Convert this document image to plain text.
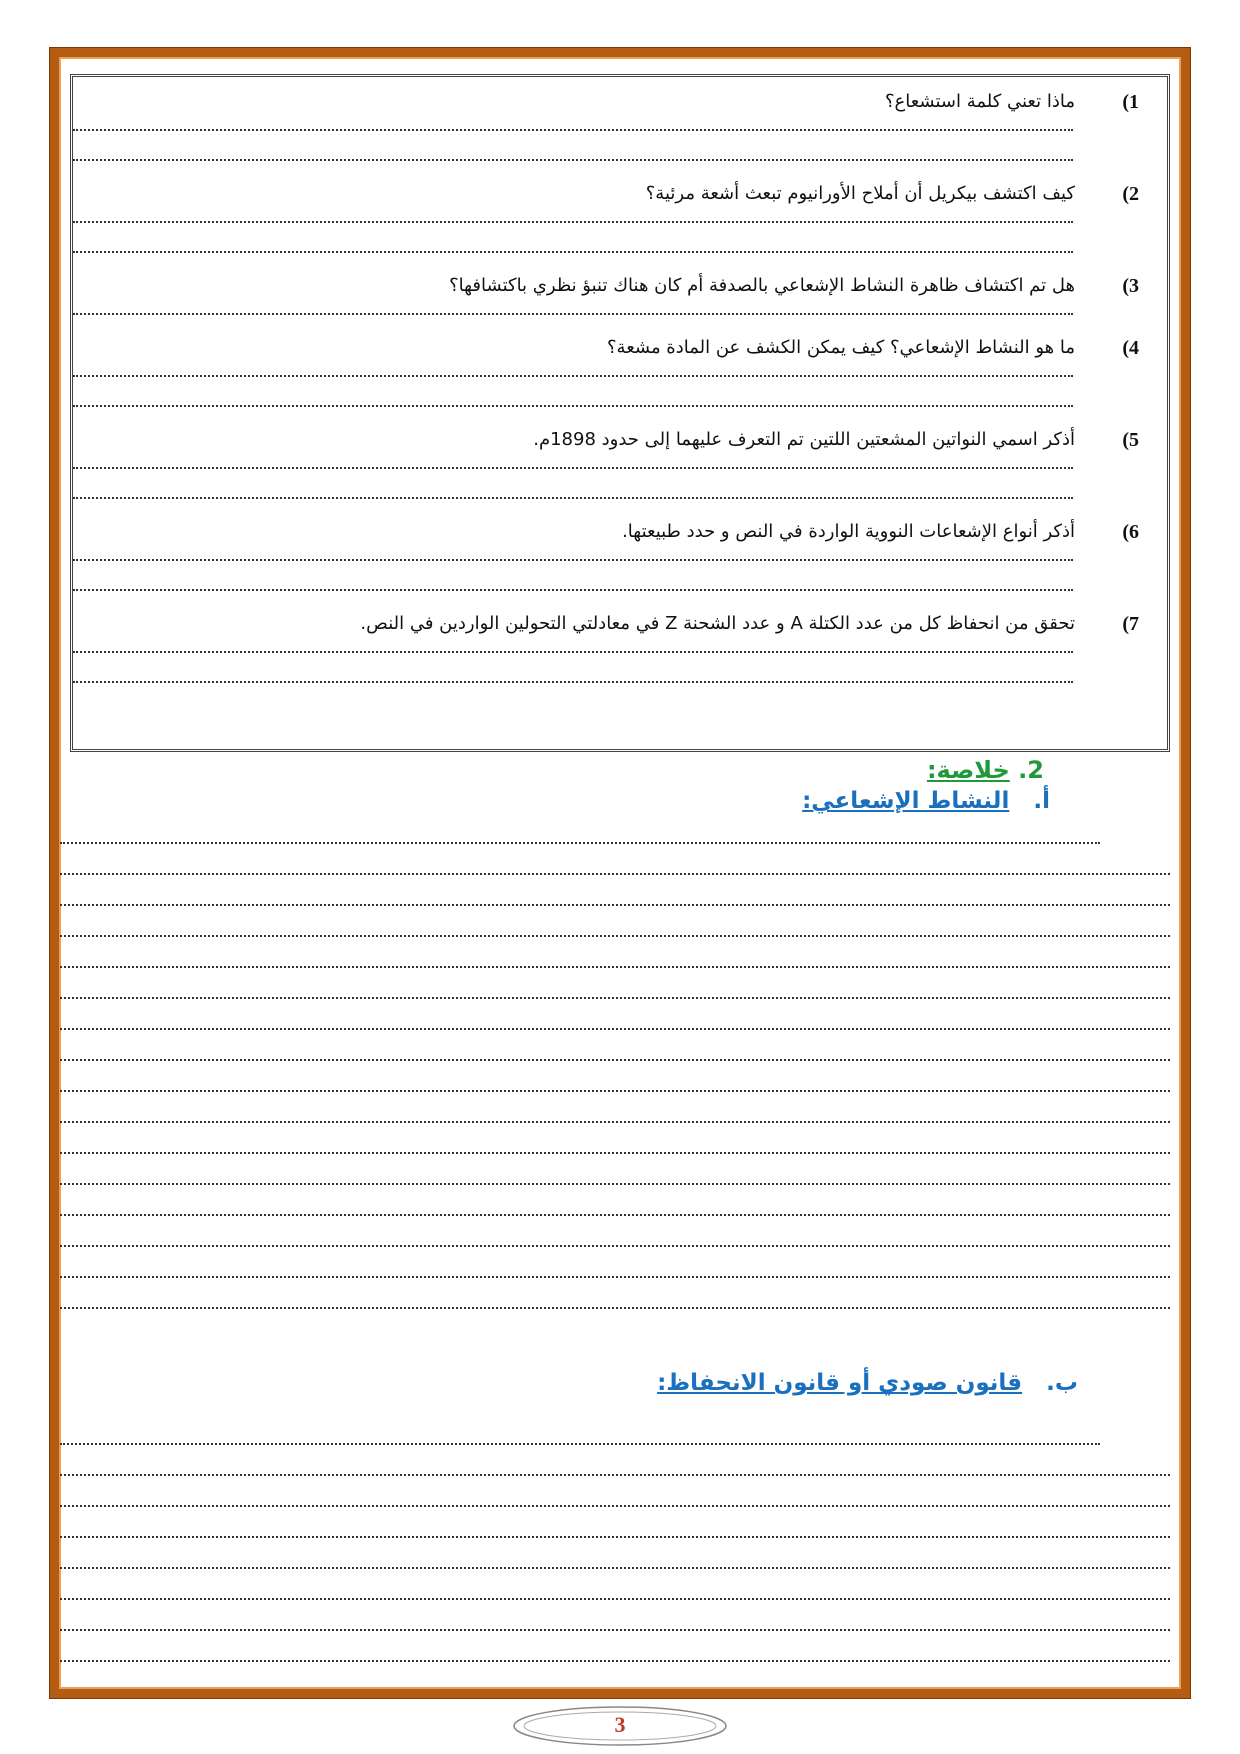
1)
ماذا تعني كلمة استشعاع؟
2)
كيف اكتشف بيكريل أن أملاح الأورانيوم تبعث أشعة مرئية؟
3)
هل تم اكتشاف ظاهرة النشاط الإشعاعي بالصدفة أم كان هناك تنبؤ نظري باكتشافها؟
4)
ما هو النشاط الإشعاعي؟ كيف يمكن الكشف عن المادة مشعة؟
5)
أذكر اسمي النواتين المشعتين اللتين تم التعرف عليهما إلى حدود 1898م.
6)
أذكر أنواع الإشعاعات النووية الواردة في النص و حدد طبيعتها.
7)
تحقق من انحفاظ كل من عدد الكتلة A و عدد الشحنة Z في معادلتي التحولين الواردين في النص.
2. خلاصة:
أ.   النشاط الإشعاعي:
ب.   قانون صودي أو قانون الانحفاظ:
3
